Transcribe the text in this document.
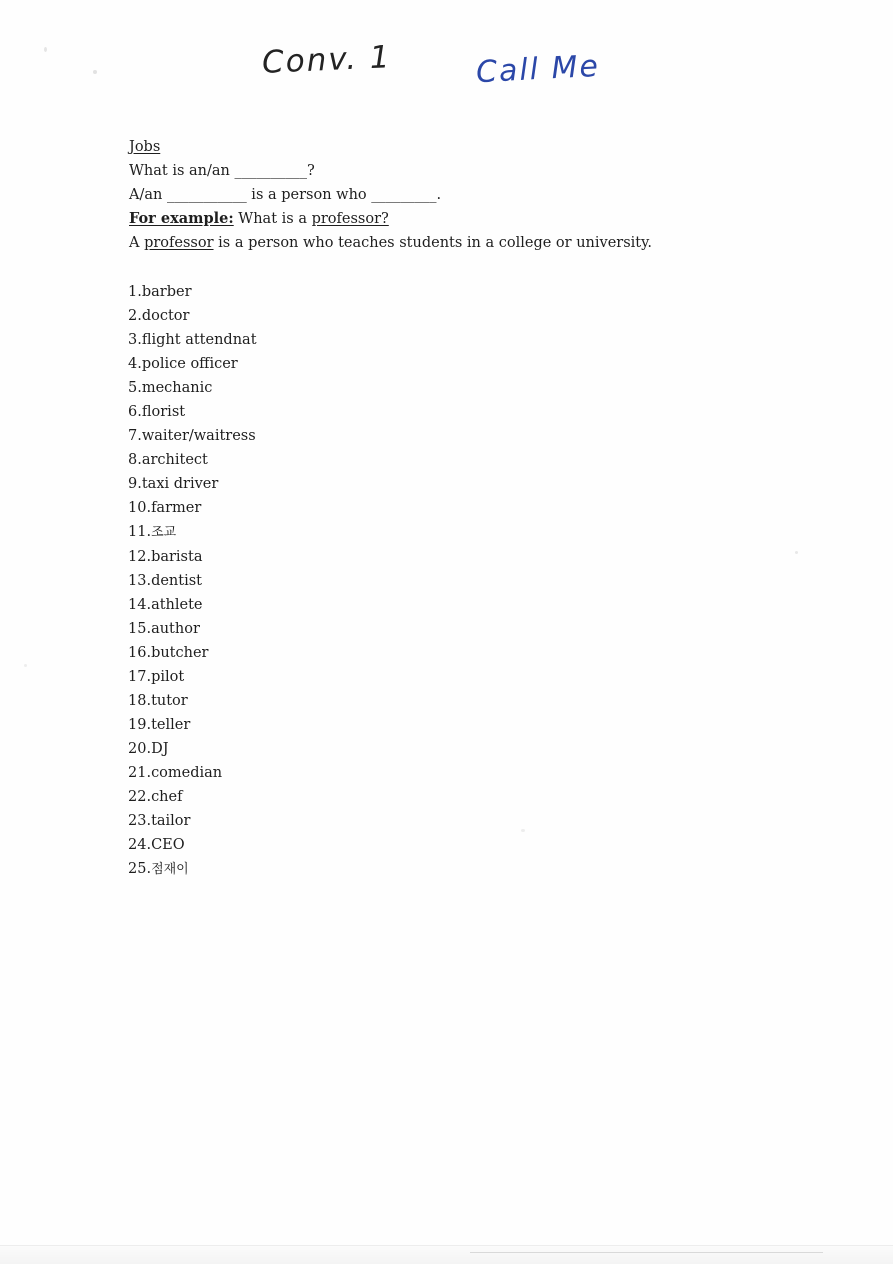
Conv. 1	Call Me
Jobs
What is an/an __________?
A/an ___________ is a person who _________.
For example: What is a professor?
A professor is a person who teaches students in a college or university.
1.barber
2.doctor
3.flight attendnat
4.police officer
5.mechanic
6.florist
7.waiter/waitress
8.architect
9.taxi driver
10.farmer
11.조교
12.barista
13.dentist
14.athlete
15.author
16.butcher
17.pilot
18.tutor
19.teller
20.DJ
21.comedian
22.chef
23.tailor
24.CEO
25.점재이
